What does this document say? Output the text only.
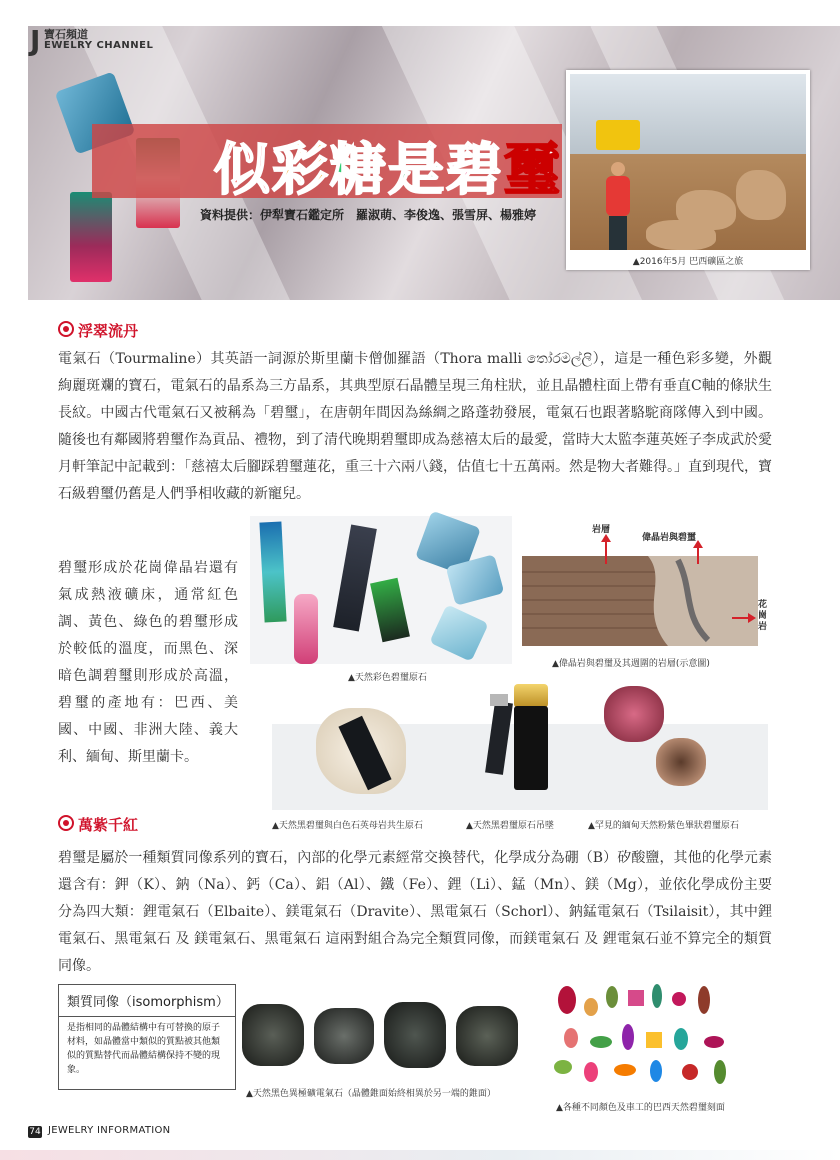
J 寶石頻道
EWELRY CHANNEL
似彩糖是碧璽
資料提供：伊犁寶石鑑定所　羅淑萌、李俊逸、張雪屏、楊雅婷
▲2016年5月 巴西礦區之旅
浮翠流丹
電氣石（Tourmaline）其英語一詞源於斯里蘭卡僧伽羅語（Thora malli තෝරමල්ලි），這是一種色彩多變，外觀絢麗斑斕的寶石，電氣石的晶系為三方晶系，其典型原石晶體呈現三角柱狀，並且晶體柱面上帶有垂直C軸的條狀生長紋。中國古代電氣石又被稱為「碧璽」，在唐朝年間因為絲綢之路蓬勃發展，電氣石也跟著駱駝商隊傳入到中國。隨後也有鄰國將碧璽作為貢品、禮物，到了清代晚期碧璽即成為慈禧太后的最愛，當時大太監李蓮英姪子李成武於愛月軒筆記中記載到：「慈禧太后腳踩碧璽蓮花，重三十六兩八錢，估值七十五萬兩。然是物大者難得。」直到現代，寶石級碧璽仍舊是人們爭相收藏的新寵兒。
碧璽形成於花崗偉晶岩還有氣成熱液礦床，通常紅色調、黃色、綠色的碧璽形成於較低的溫度，而黑色、深暗色調碧璽則形成於高溫，碧璽的產地有：巴西、美國、中國、非洲大陸、義大利、緬甸、斯里蘭卡。
▲天然彩色碧璽原石
岩層
偉晶岩與碧璽
花崗岩
▲偉晶岩與碧璽及其週圍的岩層(示意圖)
▲天然黑碧璽與白色石英母岩共生原石	▲天然黑碧璽原石吊墜	▲罕見的緬甸天然粉紫色畢狀碧璽原石
萬紫千紅
碧璽是屬於一種類質同像系列的寶石，內部的化學元素經常交換替代，化學成分為硼（B）矽酸鹽，其他的化學元素還含有：鉀（K）、鈉（Na）、鈣（Ca）、鋁（Al）、鐵（Fe）、鋰（Li）、錳（Mn）、鎂（Mg），並依化學成份主要分為四大類：鋰電氣石（Elbaite）、鎂電氣石（Dravite）、黑電氣石（Schorl）、鈉錳電氣石（Tsilaisit），其中鋰電氣石、黑電氣石 及 鎂電氣石、黑電氣石 這兩對組合為完全類質同像，而鎂電氣石 及 鋰電氣石並不算完全的類質同像。
類質同像（isomorphism）
是指相同的晶體結構中有可替換的原子材料，如晶體當中類似的質點被其他類似的質點替代而晶體結構保持不變的現象。
▲天然黑色異極礦電氣石（晶體錐面始終相異於另一端的錐面）
▲各種不同顏色及車工的巴西天然碧璽刻面
74 JEWELRY INFORMATION
